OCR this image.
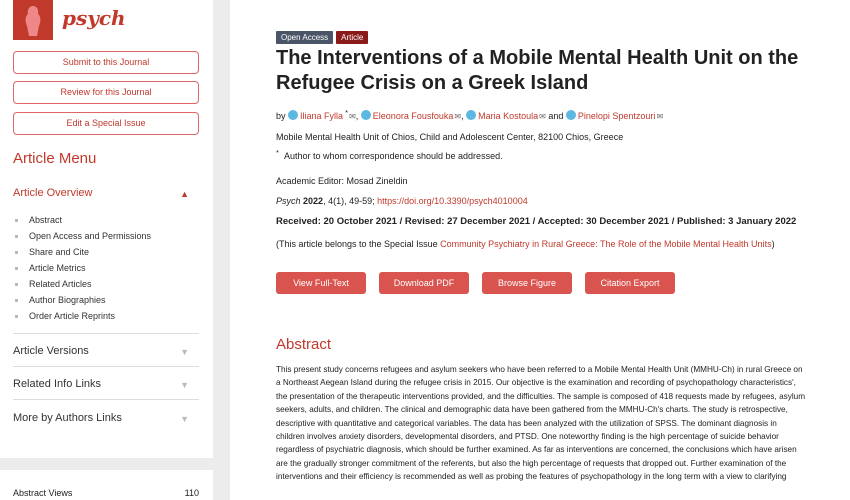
psych
Submit to this Journal
Review for this Journal
Edit a Special Issue
Article Menu
Article Overview	▲
Abstract
Open Access and Permissions
Share and Cite
Article Metrics
Related Articles
Author Biographies
Order Article Reprints
Article Versions	▼
Related Info Links	▼
More by Authors Links	▼
Abstract Views	110
Open Access	Article
The Interventions of a Mobile Mental Health Unit on the Refugee Crisis on a Greek Island
by Iliana Fylla *✉, Eleonora Fousfouka✉, Maria Kostoula✉ and Pinelopi Spentzouri✉
Mobile Mental Health Unit of Chios, Child and Adolescent Center, 82100 Chios, Greece
* Author to whom correspondence should be addressed.
Academic Editor: Mosad Zineldin
Psych 2022, 4(1), 49-59; https://doi.org/10.3390/psych4010004
Received: 20 October 2021 / Revised: 27 December 2021 / Accepted: 30 December 2021 / Published: 3 January 2022
(This article belongs to the Special Issue Community Psychiatry in Rural Greece: The Role of the Mobile Mental Health Units)
View Full-Text	Download PDF	Browse Figure	Citation Export
Abstract
This present study concerns refugees and asylum seekers who have been referred to a Mobile Mental Health Unit (MMHU-Ch) in rural Greece on a Northeast Aegean Island during the refugee crisis in 2015. Our objective is the examination and recording of psychopathology characteristics', the presentation of the therapeutic interventions provided, and the difficulties. The sample is composed of 418 requests made by refugees, asylum seekers, adults, and children. The clinical and demographic data have been gathered from the MMHU-Ch's charts. The study is retrospective, descriptive with quantitative and categorical variables. The data has been analyzed with the utilization of SPSS. The dominant diagnosis in children involves anxiety disorders, developmental disorders, and PTSD. One noteworthy finding is the high percentage of suicide behavior regardless of psychiatric diagnosis, which should be further examined. As far as interventions are concerned, the conclusions which have arisen are the gradually stronger commitment of the referents, but also the high percentage of requests that dropped out. Further examination of the interventions and their efficiency is recommended as well as probing the features of psychopathology in the long term with a view to clarifying
